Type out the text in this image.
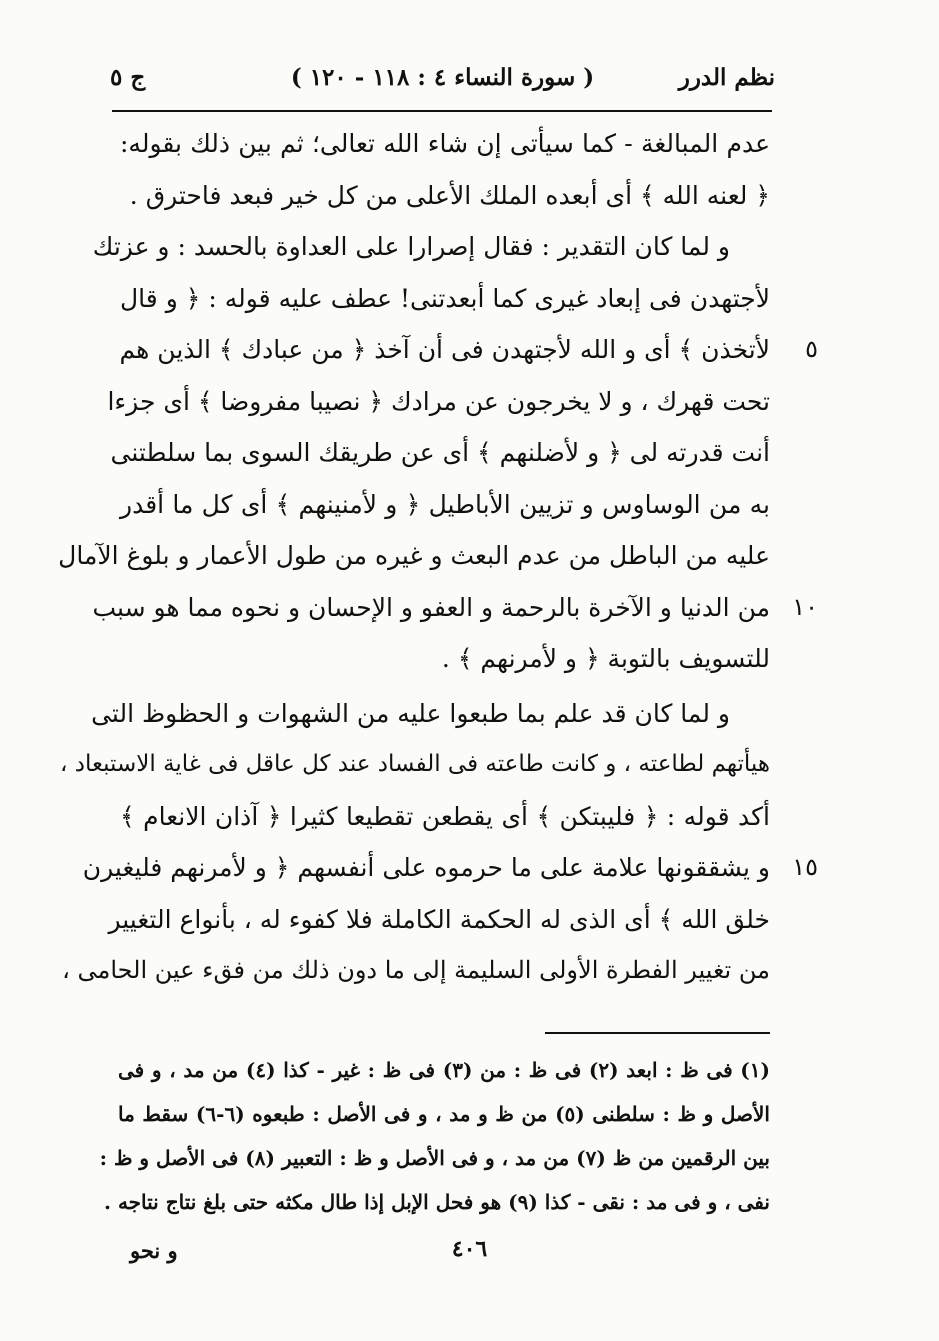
نظم الدرر
( سورة النساء ٤ : ١١٨ - ١٢٠ )
ج ٥
عدم المبالغة - كما سيأتى إن شاء الله تعالى؛ ثم بين ذلك بقوله:
﴿ لعنه الله ﴾ أى أبعده الملك الأعلى من كل خير فبعد فاحترق .
و لما كان التقدير : فقال إصرارا على العداوة بالحسد : و عزتك
لأجتهدن فى إبعاد غيرى كما أبعدتنى! عطف عليه قوله : ﴿ و قال
لأتخذن ﴾ أى و الله لأجتهدن فى أن آخذ ﴿ من عبادك ﴾ الذين هم ٥
تحت قهرك ، و لا يخرجون عن مرادك ﴿ نصيبا مفروضا ﴾ أى جزءا
أنت قدرته لى ﴿ و لأضلنهم ﴾ أى عن طريقك السوى بما سلطتنى
به من الوساوس و تزيين الأباطيل ﴿ و لأمنينهم ﴾ أى كل ما أقدر
عليه من الباطل من عدم البعث و غيره من طول الأعمار و بلوغ الآمال
من الدنيا و الآخرة بالرحمة و العفو و الإحسان و نحوه مما هو سبب ١٠
للتسويف بالتوبة ﴿ و لأمرنهم ﴾ .
و لما كان قد علم بما طبعوا عليه من الشهوات و الحظوظ التى
هيأتهم لطاعته ، و كانت طاعته فى الفساد عند كل عاقل فى غاية الاستبعاد ،
أكد قوله : ﴿ فليبتكن ﴾ أى يقطعن تقطيعا كثيرا ﴿ آذان الانعام ﴾
و يشققونها علامة على ما حرموه على أنفسهم ﴿ و لأمرنهم فليغيرن ١٥
خلق الله ﴾ أى الذى له الحكمة الكاملة فلا كفوء له ، بأنواع التغيير
من تغيير الفطرة الأولى السليمة إلى ما دون ذلك من فقء عين الحامى ،
(١) فى ظ : ابعد (٢) فى ظ : من (٣) فى ظ : غير - كذا (٤) من مد ، و فى
الأصل و ظ : سلطنى (٥) من ظ و مد ، و فى الأصل : طبعوه (٦-٦) سقط ما
بين الرقمين من ظ (٧) من مد ، و فى الأصل و ظ : التعبير (٨) فى الأصل و ظ :
نفى ، و فى مد : نقى - كذا (٩) هو فحل الإبل إذا طال مكثه حتى بلغ نتاج نتاجه .
و نحو	٤٠٦
